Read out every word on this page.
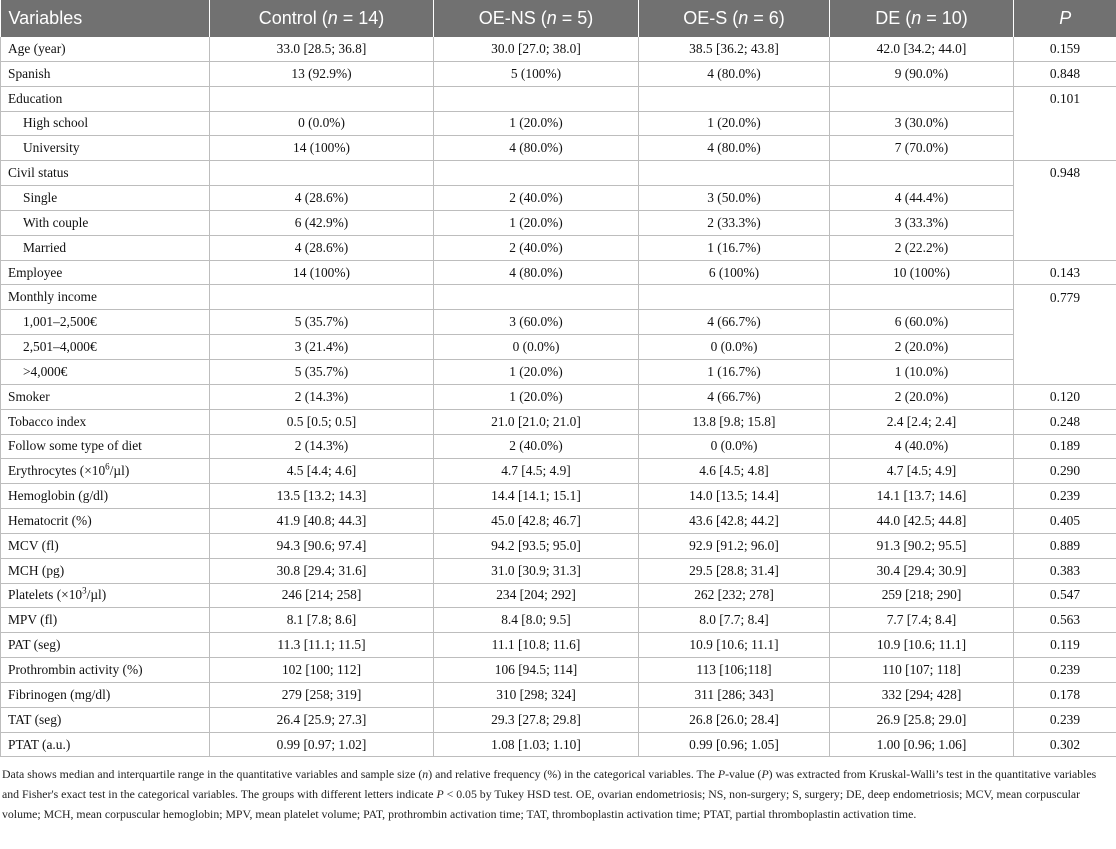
Variables	Control (n = 14)	OE-NS (n = 5)	OE-S (n = 6)	DE (n = 10)	P
Age (year)	33.0 [28.5; 36.8]	30.0 [27.0; 38.0]	38.5 [36.2; 43.8]	42.0 [34.2; 44.0]	0.159
Spanish	13 (92.9%)	5 (100%)	4 (80.0%)	9 (90.0%)	0.848
Education					0.101
High school	0 (0.0%)	1 (20.0%)	1 (20.0%)	3 (30.0%)	
University	14 (100%)	4 (80.0%)	4 (80.0%)	7 (70.0%)	
Civil status					0.948
Single	4 (28.6%)	2 (40.0%)	3 (50.0%)	4 (44.4%)	
With couple	6 (42.9%)	1 (20.0%)	2 (33.3%)	3 (33.3%)	
Married	4 (28.6%)	2 (40.0%)	1 (16.7%)	2 (22.2%)	
Employee	14 (100%)	4 (80.0%)	6 (100%)	10 (100%)	0.143
Monthly income					0.779
1,001–2,500€	5 (35.7%)	3 (60.0%)	4 (66.7%)	6 (60.0%)	
2,501–4,000€	3 (21.4%)	0 (0.0%)	0 (0.0%)	2 (20.0%)	
>4,000€	5 (35.7%)	1 (20.0%)	1 (16.7%)	1 (10.0%)	
Smoker	2 (14.3%)	1 (20.0%)	4 (66.7%)	2 (20.0%)	0.120
Tobacco index	0.5 [0.5; 0.5]	21.0 [21.0; 21.0]	13.8 [9.8; 15.8]	2.4 [2.4; 2.4]	0.248
Follow some type of diet	2 (14.3%)	2 (40.0%)	0 (0.0%)	4 (40.0%)	0.189
Erythrocytes $(\times 10^6/\mu l)$	4.5 [4.4; 4.6]	4.7 [4.5; 4.9]	4.6 [4.5; 4.8]	4.7 [4.5; 4.9]	0.290
Hemoglobin (g/dl)	13.5 [13.2; 14.3]	14.4 [14.1; 15.1]	14.0 [13.5; 14.4]	14.1 [13.7; 14.6]	0.239
Hematocrit (%)	41.9 [40.8; 44.3]	45.0 [42.8; 46.7]	43.6 [42.8; 44.2]	44.0 [42.5; 44.8]	0.405
MCV (fl)	94.3 [90.6; 97.4]	94.2 [93.5; 95.0]	92.9 [91.2; 96.0]	91.3 [90.2; 95.5]	0.889
MCH (pg)	30.8 [29.4; 31.6]	31.0 [30.9; 31.3]	29.5 [28.8; 31.4]	30.4 [29.4; 30.9]	0.383
Platelets $(\times 10^3/\mu l)$	246 [214; 258]	234 [204; 292]	262 [232; 278]	259 [218; 290]	0.547
MPV (fl)	8.1 [7.8; 8.6]	8.4 [8.0; 9.5]	8.0 [7.7; 8.4]	7.7 [7.4; 8.4]	0.563
PAT (seg)	11.3 [11.1; 11.5]	11.1 [10.8; 11.6]	10.9 [10.6; 11.1]	10.9 [10.6; 11.1]	0.119
Prothrombin activity (%)	102 [100; 112]	106 [94.5; 114]	113 [106;118]	110 [107; 118]	0.239
Fibrinogen (mg/dl)	279 [258; 319]	310 [298; 324]	311 [286; 343]	332 [294; 428]	0.178
TAT (seg)	26.4 [25.9; 27.3]	29.3 [27.8; 29.8]	26.8 [26.0; 28.4]	26.9 [25.8; 29.0]	0.239
PTAT (a.u.)	0.99 [0.97; 1.02]	1.08 [1.03; 1.10]	0.99 [0.96; 1.05]	1.00 [0.96; 1.06]	0.302
Data shows median and interquartile range in the quantitative variables and sample size (n) and relative frequency (%) in the categorical variables. The P-value (P) was extracted from Kruskal-Walli’s test in the quantitative variables and Fisher's exact test in the categorical variables. The groups with different letters indicate P < 0.05 by Tukey HSD test. OE, ovarian endometriosis; NS, non-surgery; S, surgery; DE, deep endometriosis; MCV, mean corpuscular volume; MCH, mean corpuscular hemoglobin; MPV, mean platelet volume; PAT, prothrombin activation time; TAT, thromboplastin activation time; PTAT, partial thromboplastin activation time.
